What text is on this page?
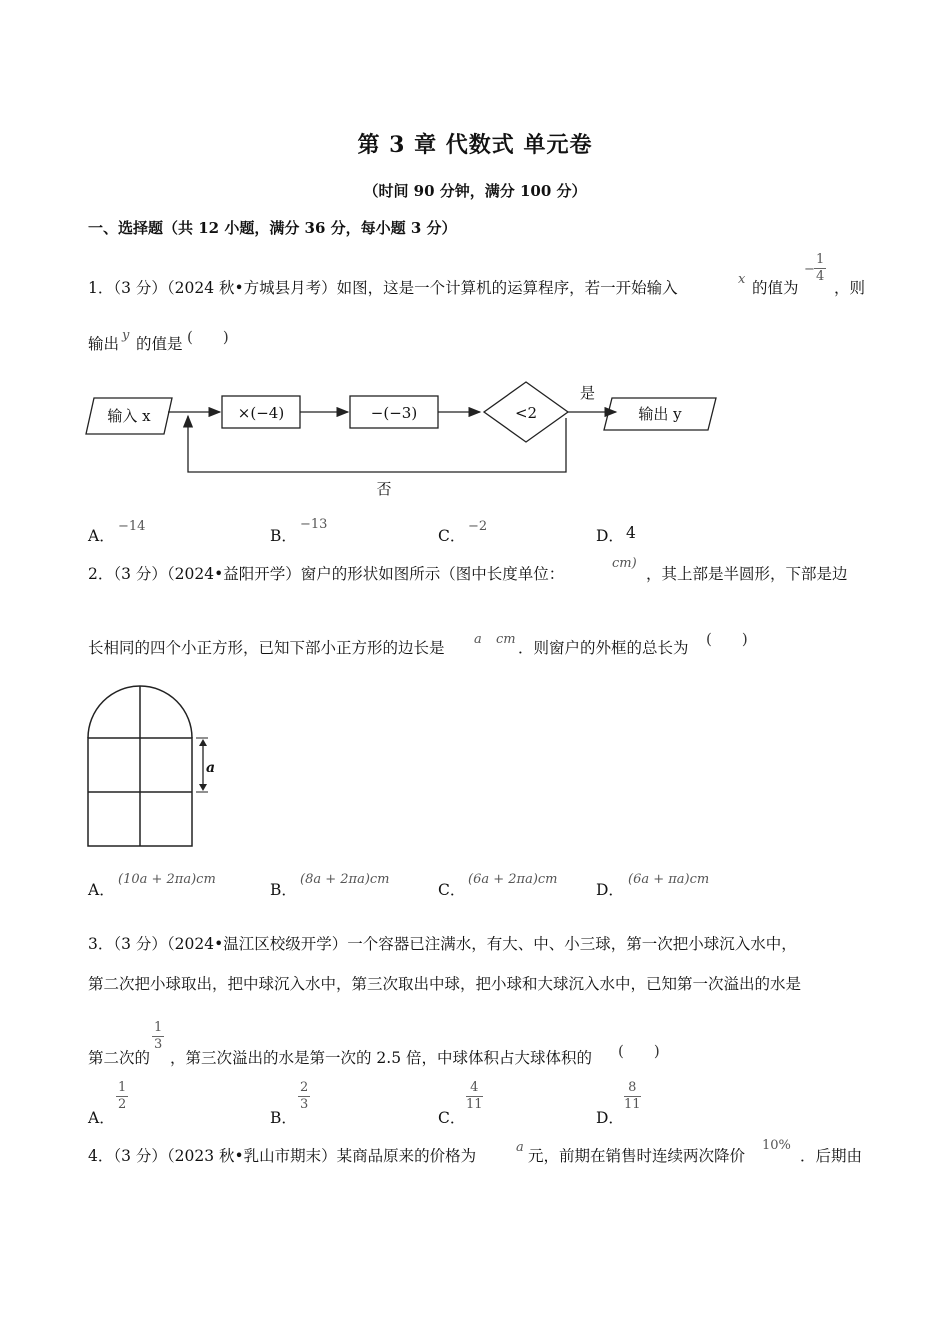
第 3 章 代数式 单元卷
（时间 90 分钟，满分 100 分）
一、选择题（共 12 小题，满分 36 分，每小题 3 分）
1．（3 分）（2024 秋•方城县月考）如图，这是一个计算机的运算程序，若一开始输入	x 的值为
− $\frac{1}{4}$
，则
输出 y 的值是 (　　)
输入 x	×(−4)	−(−3)	<2
是
输出 y
否
A．
−14
B．
−13
C．
−2
D． 4
2．（3 分）（2024•益阳开学）窗户的形状如图所示（图中长度单位：
cm)
，其上部是半圆形，下部是边
长相同的四个小正方形，已知下部小正方形的边长是 a cm ．则窗户的外框的总长为 (　　)
a
A．
(10a + 2πa)cm
B．
(8a + 2πa)cm
C．
(6a + 2πa)cm
D．
(6a + πa)cm
3．（3 分）（2024•温江区校级开学）一个容器已注满水，有大、中、小三球，第一次把小球沉入水中，
第二次把小球取出，把中球沉入水中，第三次取出中球，把小球和大球沉入水中，已知第一次溢出的水是
第二次的
$\frac{1}{3}$
，第三次溢出的水是第一次的 2.5 倍，中球体积占大球体积的 (　　)
A．
$\frac{1}{2}$
B．
$\frac{2}{3}$
C．
$\frac{4}{11}$
D．
$\frac{8}{11}$
4．（3 分）（2023 秋•乳山市期末）某商品原来的价格为	a 元，前期在销售时连续两次降价
10%
．后期由
